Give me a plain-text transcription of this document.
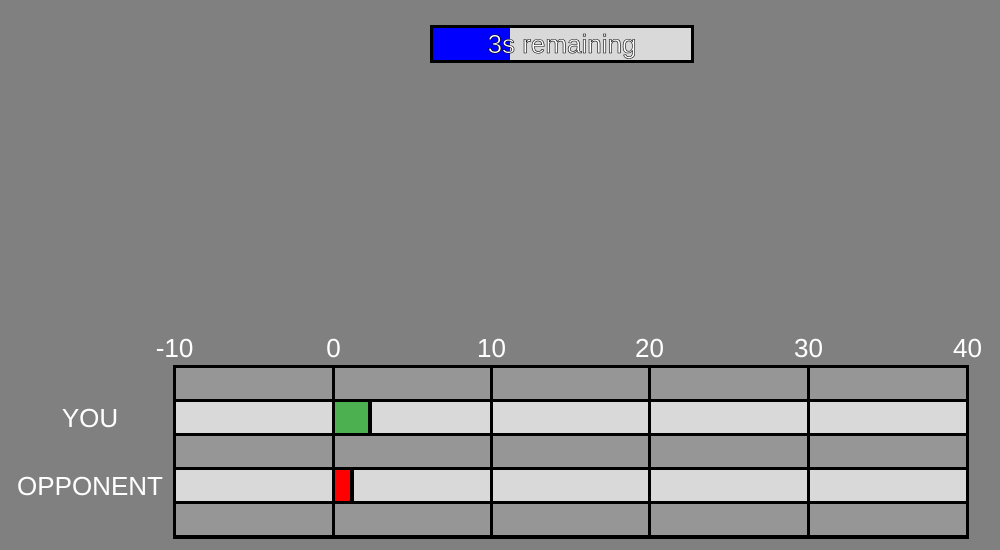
3s remaining
-10	0	10	20	30	40
YOU
OPPONENT
